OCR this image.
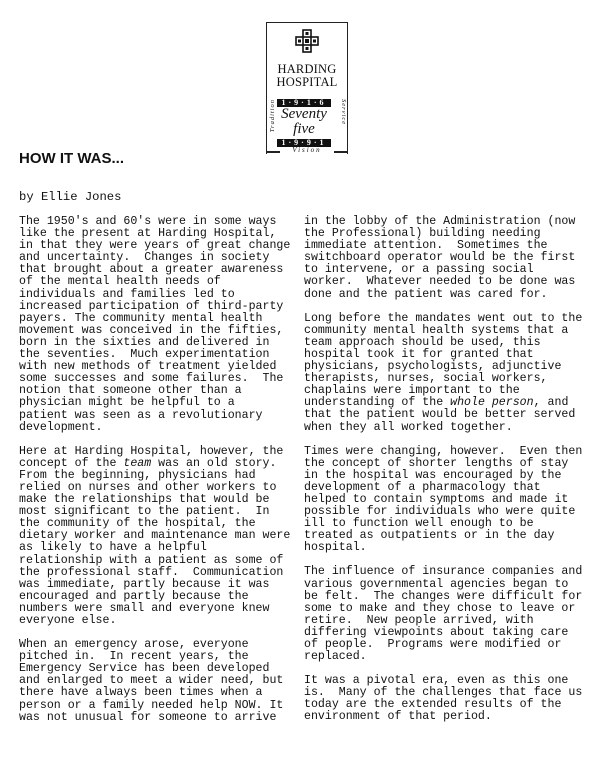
HARDING
HOSPITAL
1·9·1·6
Seventy
five
1·9·9·1
Tradition	Service
Vision
HOW IT WAS...
by Ellie Jones

The 1950's and 60's were in some ways
like the present at Harding Hospital,
in that they were years of great change
and uncertainty.  Changes in society
that brought about a greater awareness
of the mental health needs of
individuals and families led to
increased participation of third-party
payers. The community mental health
movement was conceived in the fifties,
born in the sixties and delivered in
the seventies.  Much experimentation
with new methods of treatment yielded
some successes and some failures.  The
notion that someone other than a
physician might be helpful to a
patient was seen as a revolutionary
development.

Here at Harding Hospital, however, the
concept of the team was an old story.
From the beginning, physicians had
relied on nurses and other workers to
make the relationships that would be
most significant to the patient.  In
the community of the hospital, the
dietary worker and maintenance man were
as likely to have a helpful
relationship with a patient as some of
the professional staff.  Communication
was immediate, partly because it was
encouraged and partly because the
numbers were small and everyone knew
everyone else.

When an emergency arose, everyone
pitched in.  In recent years, the
Emergency Service has been developed
and enlarged to meet a wider need, but
there have always been times when a
person or a family needed help NOW. It
was not unusual for someone to arrive

in the lobby of the Administration (now
the Professional) building needing
immediate attention.  Sometimes the
switchboard operator would be the first
to intervene, or a passing social
worker.  Whatever needed to be done was
done and the patient was cared for.

Long before the mandates went out to the
community mental health systems that a
team approach should be used, this
hospital took it for granted that
physicians, psychologists, adjunctive
therapists, nurses, social workers,
chaplains were important to the
understanding of the whole person, and
that the patient would be better served
when they all worked together.

Times were changing, however.  Even then
the concept of shorter lengths of stay
in the hospital was encouraged by the
development of a pharmacology that
helped to contain symptoms and made it
possible for individuals who were quite
ill to function well enough to be
treated as outpatients or in the day
hospital.

The influence of insurance companies and
various governmental agencies began to
be felt.  The changes were difficult for
some to make and they chose to leave or
retire.  New people arrived, with
differing viewpoints about taking care
of people.  Programs were modified or
replaced.

It was a pivotal era, even as this one
is.  Many of the challenges that face us
today are the extended results of the
environment of that period.
